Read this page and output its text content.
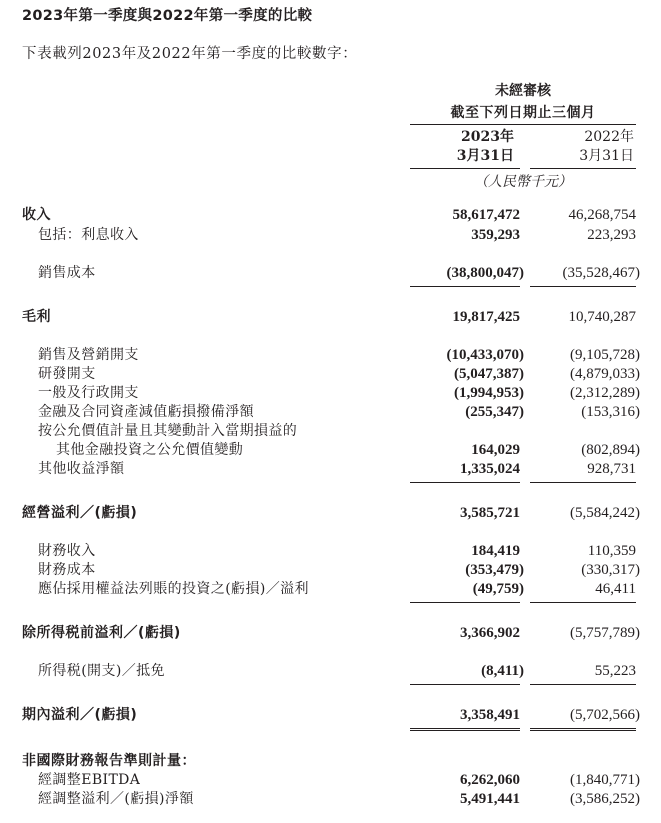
2023年第一季度與2022年第一季度的比較
下表載列2023年及2022年第一季度的比較數字：
未經審核
截至下列日期止三個月
2023年
3月31日
2022年
3月31日
（人民幣千元）
收入	58,617,472	46,268,754
包括：利息收入	359,293	223,293
銷售成本	(38,800,047)	(35,528,467)
毛利	19,817,425	10,740,287
銷售及營銷開支	(10,433,070)	(9,105,728)
研發開支	(5,047,387)	(4,879,033)
一般及行政開支	(1,994,953)	(2,312,289)
金融及合同資產減值虧損撥備淨額	(255,347)	(153,316)
按公允價值計量且其變動計入當期損益的
其他金融投資之公允價值變動	164,029	(802,894)
其他收益淨額	1,335,024	928,731
經營溢利／(虧損)	3,585,721	(5,584,242)
財務收入	184,419	110,359
財務成本	(353,479)	(330,317)
應佔採用權益法列賬的投資之(虧損)／溢利	(49,759)	46,411
除所得税前溢利／(虧損)	3,366,902	(5,757,789)
所得税(開支)／抵免	(8,411)	55,223
期內溢利／(虧損)	3,358,491	(5,702,566)
非國際財務報告準則計量：
經調整EBITDA	6,262,060	(1,840,771)
經調整溢利／(虧損)淨額	5,491,441	(3,586,252)
